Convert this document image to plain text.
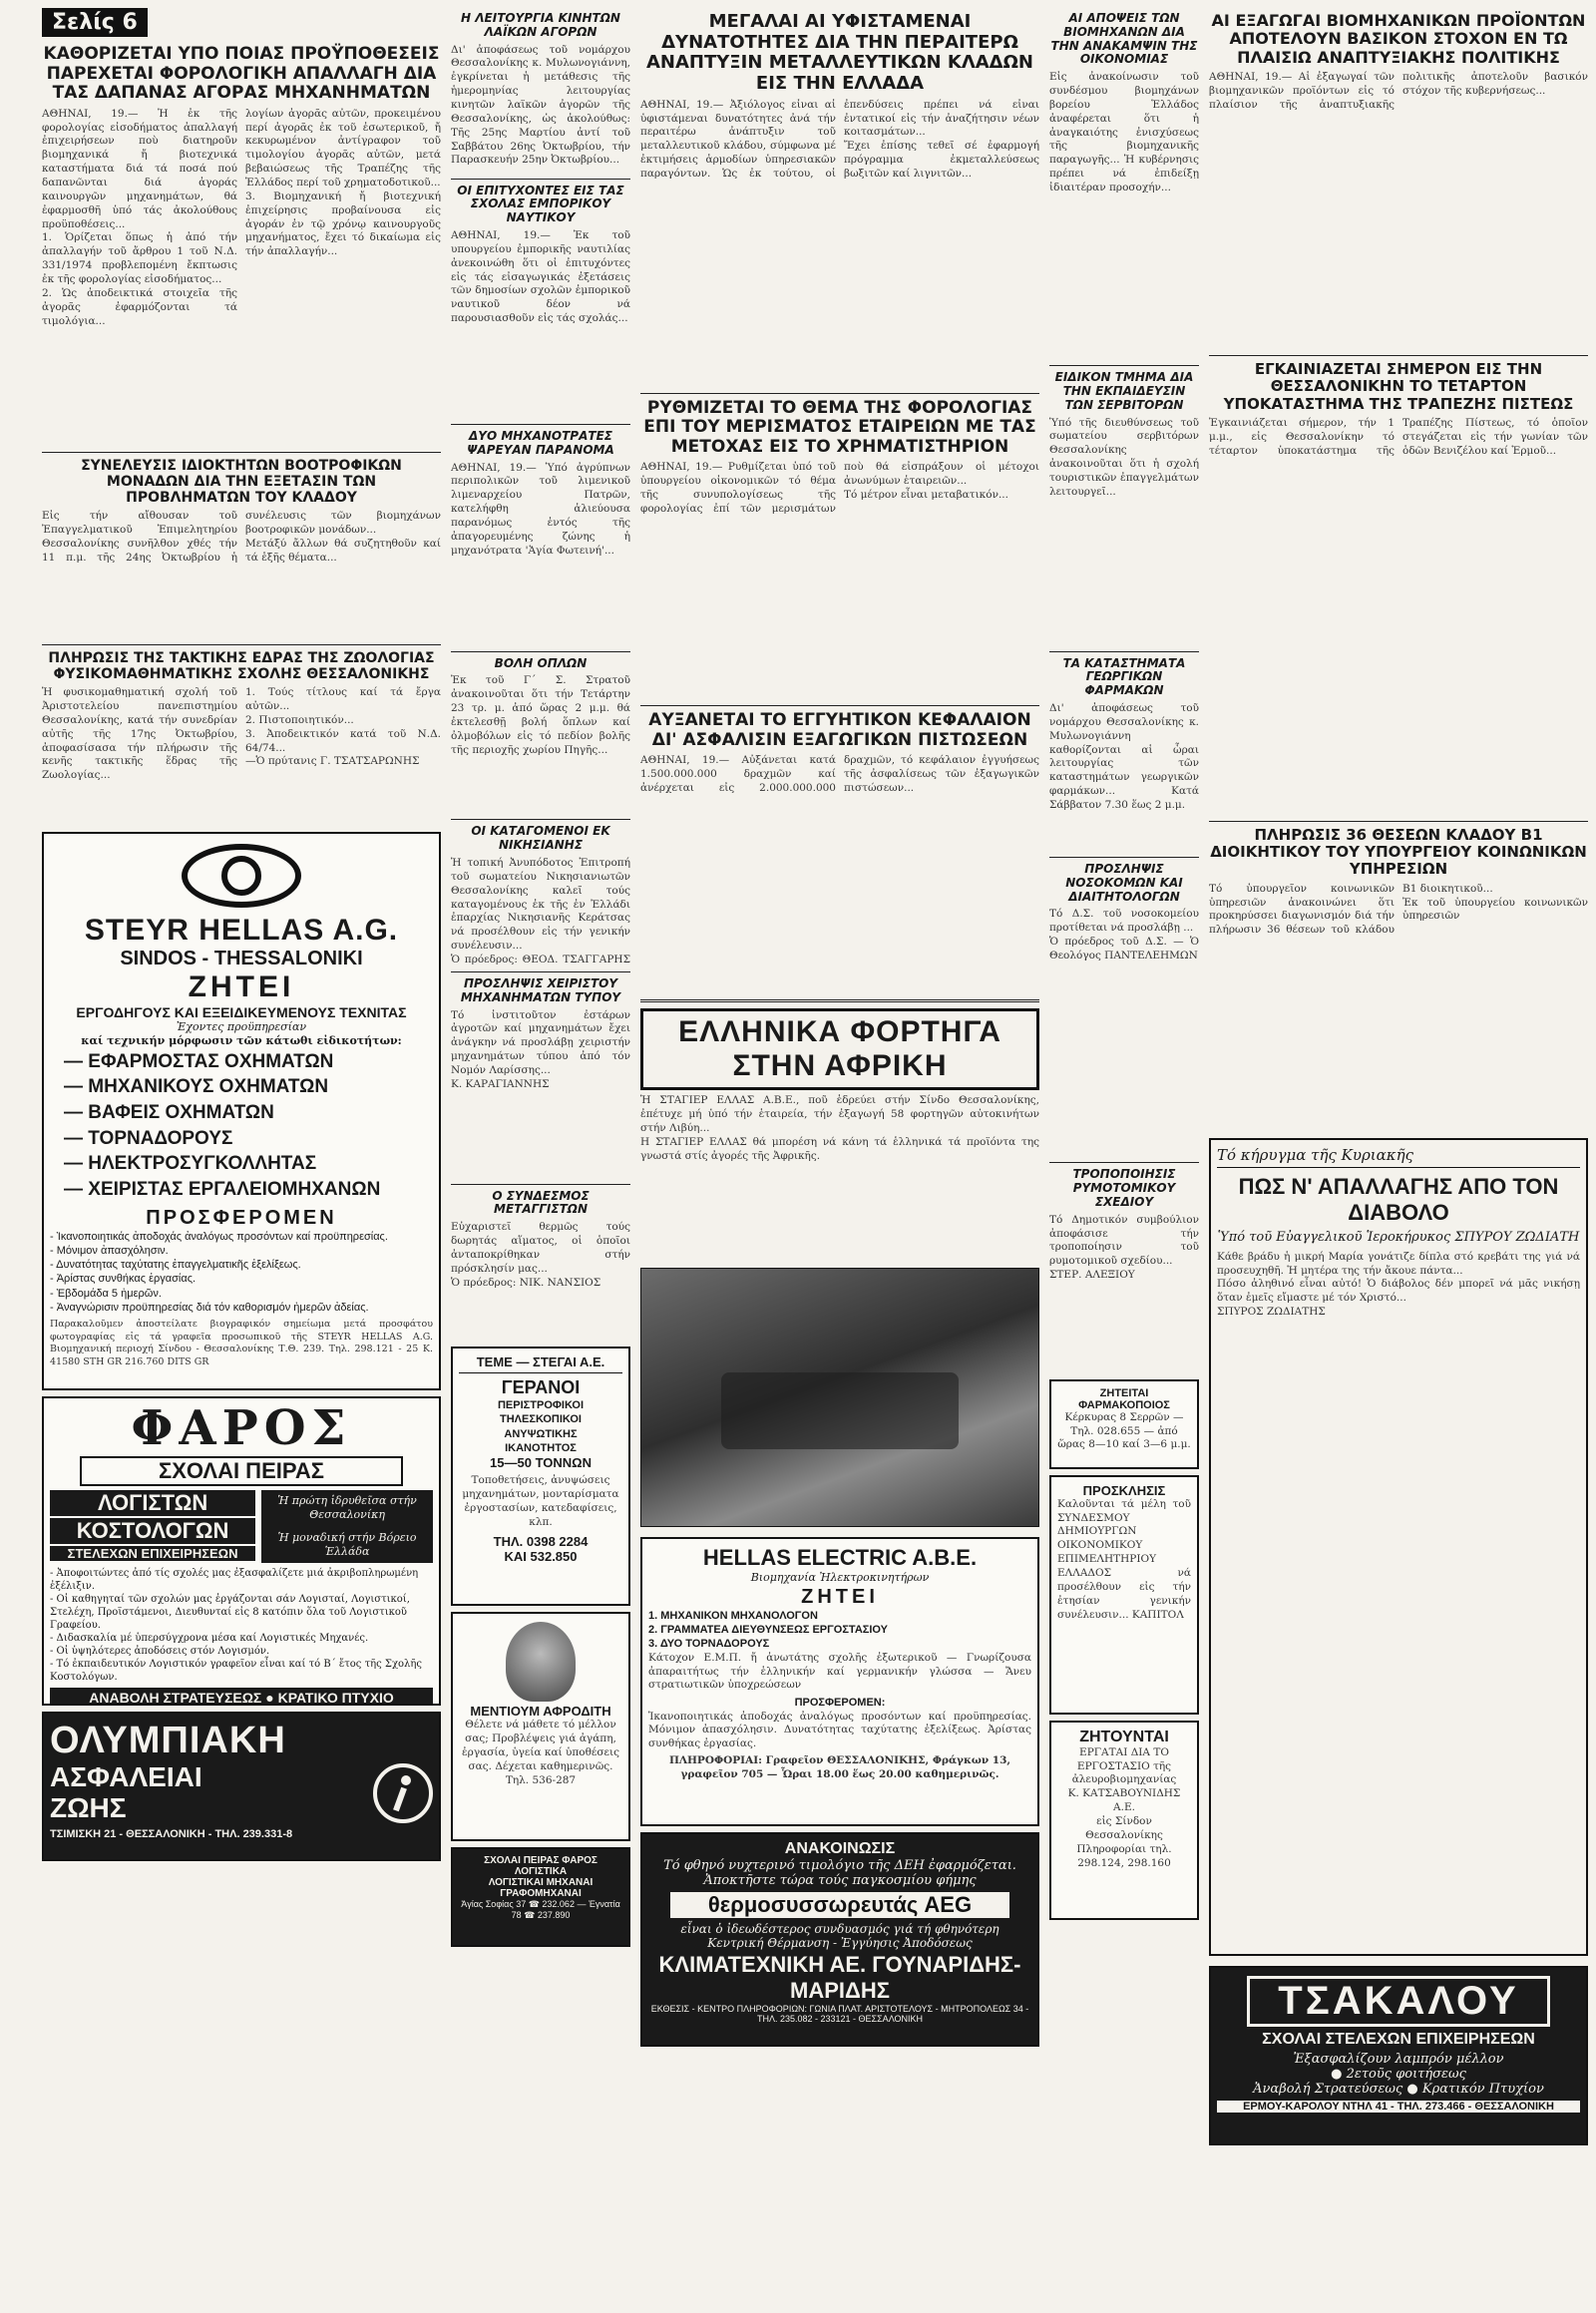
Σελίς 6
ΚΑΘΟΡΙΖΕΤΑΙ ΥΠΟ ΠΟΙΑΣ ΠΡΟΫΠΟΘΕΣΕΙΣ ΠΑΡΕΧΕΤΑΙ ΦΟΡΟΛΟΓΙΚΗ ΑΠΑΛΛΑΓΗ ΔΙΑ ΤΑΣ ΔΑΠΑΝΑΣ ΑΓΟΡΑΣ ΜΗΧΑΝΗΜΑΤΩΝ
ΑΘΗΝΑΙ, 19.— Ἡ ἐκ τῆς φορολογίας εἰσοδήματος ἀπαλλαγή ἐπιχειρήσεων ποὺ διατηροῦν βιομηχανικά ἤ βιοτεχνικά καταστήματα διά τά ποσά πού δαπανῶνται διά ἀγοράς καινουργῶν μηχανημάτων, θά ἐφαρμοσθῆ ὑπό τάς ἀκολούθους προϋποθέσεις...
1. Ὁρίζεται ὅπως ἡ ἀπό τήν ἀπαλλαγήν τοῦ ἄρθρου 1 τοῦ Ν.Δ. 331/1974 προβλεπομένη ἔκπτωσις ἐκ τῆς φορολογίας εἰσοδήματος...
2. Ὡς ἀποδεικτικά στοιχεῖα τῆς ἀγορᾶς ἐφαρμόζονται τά τιμολόγια...
λογίων ἀγορᾶς αὐτῶν, προκειμένου περί ἀγορᾶς ἐκ τοῦ ἐσωτερικοῦ, ἤ κεκυρωμένον ἀντίγραφον τοῦ τιμολογίου ἀγορᾶς αὐτῶν, μετά βεβαιώσεως τῆς Τραπέζης τῆς Ἑλλάδος περί τοῦ χρηματοδοτικοῦ...
3. Βιομηχανική ἤ βιοτεχνική ἐπιχείρησις προβαίνουσα εἰς ἀγοράν ἐν τῷ χρόνῳ καινουργοῦς μηχανήματος, ἔχει τό δικαίωμα εἰς τήν ἀπαλλαγήν...
ΣΥΝΕΛΕΥΣΙΣ ΙΔΙΟΚΤΗΤΩΝ ΒΟΟΤΡΟΦΙΚΩΝ ΜΟΝΑΔΩΝ ΔΙΑ ΤΗΝ ΕΞΕΤΑΣΙΝ ΤΩΝ ΠΡΟΒΛΗΜΑΤΩΝ ΤΟΥ ΚΛΑΔΟΥ
Εἰς τήν αἴθουσαν τοῦ Ἐπαγγελματικοῦ Ἐπιμελητηρίου Θεσσαλονίκης συνῆλθον χθές τήν 11 π.μ. τῆς 24ης Ὀκτωβρίου ἡ συνέλευσις τῶν βιομηχάνων βοοτροφικῶν μονάδων...
Μετάξύ ἄλλων θά συζητηθοῦν καί τά ἑξῆς θέματα...
ΠΛΗΡΩΣΙΣ ΤΗΣ ΤΑΚΤΙΚΗΣ ΕΔΡΑΣ ΤΗΣ ΖΩΟΛΟΓΙΑΣ ΦΥΣΙΚΟΜΑΘΗΜΑΤΙΚΗΣ ΣΧΟΛΗΣ ΘΕΣΣΑΛΟΝΙΚΗΣ
Ἡ φυσικομαθηματική σχολή τοῦ Ἀριστοτελείου πανεπιστημίου Θεσσαλονίκης, κατά τήν συνεδρίαν αὐτῆς τῆς 17ης Ὀκτωβρίου, ἀποφασίσασα τήν πλήρωσιν τῆς κενῆς τακτικῆς ἕδρας τῆς Ζωολογίας...
1. Τούς τίτλους καί τά ἔργα αὐτῶν...
2. Πιστοποιητικόν...
3. Ἀποδεικτικόν κατά τοῦ Ν.Δ. 64/74...
—Ὁ πρύτανις Γ. ΤΣΑΤΣΑΡΩΝΗΣ
STEYR HELLAS A.G.
SINDOS - THESSALONIKI
ΖΗΤΕΙ
ΕΡΓΟΔΗΓΟΥΣ ΚΑΙ ΕΞΕΙΔΙΚΕΥΜΕΝΟΥΣ ΤΕΧΝΙΤΑΣ
Ἐχοντες προϋπηρεσίαν
καί τεχνικήν μόρφωσιν τῶν κάτωθι εἰδικοτήτων:
— ΕΦΑΡΜΟΣΤΑΣ ΟΧΗΜΑΤΩΝ
— ΜΗΧΑΝΙΚΟΥΣ ΟΧΗΜΑΤΩΝ
— ΒΑΦΕΙΣ ΟΧΗΜΑΤΩΝ
— ΤΟΡΝΑΔΟΡΟΥΣ
— ΗΛΕΚΤΡΟΣΥΓΚΟΛΛΗΤΑΣ
— ΧΕΙΡΙΣΤΑΣ ΕΡΓΑΛΕΙΟΜΗΧΑΝΩΝ
ΠΡΟΣΦΕΡΟΜΕΝ
- Ἱκανοποιητικάς ἀποδοχάς ἀναλόγως προσόντων καί προϋπηρεσίας.
- Μόνιμον ἀπασχόλησιν.
- Δυνατότητας ταχύτατης ἐπαγγελματικῆς ἐξελίξεως.
- Ἀρίστας συνθήκας ἐργασίας.
- Ἑβδομάδα 5 ἡμερῶν.
- Ἀναγνώρισιν προϋπηρεσίας διά τόν καθορισμόν ἡμερῶν ἀδείας.
Παρακαλοῦμεν ἀποστείλατε βιογραφικόν σημείωμα μετά προσφάτου φωτογραφίας εἰς τά γραφεῖα προσωπικοῦ τῆς STEYR HELLAS A.G. Βιομηχανική περιοχή Σίνδου - Θεσσαλονίκης Τ.Θ. 239. Τηλ. 298.121 - 25 Κ. 41580 STH GR 216.760 DITS GR
ΦΑΡΟΣ
ΣΧΟΛΑΙ ΠΕΙΡΑΣ
ΛΟΓΙΣΤΩΝ
ΚΟΣΤΟΛΟΓΩΝ
ΣΤΕΛΕΧΩΝ ΕΠΙΧΕΙΡΗΣΕΩΝ
Ἡ πρώτη ἱδρυθεῖσα στήν Θεσσαλονίκη
Ἡ μοναδική στήν Βόρειο Ἑλλάδα
- Ἀποφοιτώντες ἀπό τίς σχολές μας ἐξασφαλίζετε μιά ἀκριβοπληρωμένη ἐξέλιξιν.
- Οἱ καθηγηταί τῶν σχολών μας ἐργάζονται σάν Λογισταί, Λογιστικοί, Στελέχη, Προϊστάμενοι, Διευθυνταί εἰς 8 κατόπιν ὅλα τοῦ Λογιστικοῦ Γραφείου.
- Διδασκαλία μέ ὑπερσύγχρονα μέσα καί Λογιστικές Μηχανές.
- Οἱ ὑψηλότερες ἀποδόσεις στόν Λογισμόν.
- Τό ἐκπαιδευτικόν Λογιστικόν γραφεῖον εἶναι καί τό Β΄ ἔτος τῆς Σχολῆς Κοστολόγων.
ΑΝΑΒΟΛΗ ΣΤΡΑΤΕΥΣΕΩΣ ● ΚΡΑΤΙΚΟ ΠΤΥΧΙΟ
ΟΛΥΜΠΙΑΚΗ
ΑΣΦΑΛΕΙΑΙ
ΖΩΗΣ
ΤΣΙΜΙΣΚΗ 21 - ΘΕΣΣΑΛΟΝΙΚΗ - ΤΗΛ. 239.331-8
Η ΛΕΙΤΟΥΡΓΙΑ ΚΙΝΗΤΩΝ ΛΑΪΚΩΝ ΑΓΟΡΩΝ
Δι' ἀποφάσεως τοῦ νομάρχου Θεσσαλονίκης κ. Μυλωνογιάννη, ἐγκρίνεται ἡ μετάθεσις τῆς ἡμερομηνίας λειτουργίας κινητῶν λαϊκῶν ἀγορῶν τῆς Θεσσαλονίκης, ὡς ἀκολούθως: Τῆς 25ης Μαρτίου ἀντί τοῦ Σαββάτου 26ης Ὀκτωβρίου, τήν Παρασκευήν 25ην Ὀκτωβρίου...
ΟΙ ΕΠΙΤΥΧΟΝΤΕΣ ΕΙΣ ΤΑΣ ΣΧΟΛΑΣ ΕΜΠΟΡΙΚΟΥ ΝΑΥΤΙΚΟΥ
ΑΘΗΝΑΙ, 19.— Ἐκ τοῦ υπουργείου ἐμπορικῆς ναυτιλίας ἀνεκοινώθη ὅτι οἱ ἐπιτυχόντες εἰς τάς εἰσαγωγικάς ἐξετάσεις τῶν δημοσίων σχολῶν ἐμπορικοῦ ναυτικοῦ δέον νά παρουσιασθοῦν εἰς τάς σχολάς...
ΔΥΟ ΜΗΧΑΝΟΤΡΑΤΕΣ ΨΑΡΕΥΑΝ ΠΑΡΑΝΟΜΑ
ΑΘΗΝΑΙ, 19.— Ὑπό ἀγρύπνων περιπολικῶν τοῦ λιμενικοῦ λιμεναρχείου Πατρῶν, κατελήφθη ἁλιεύουσα παρανόμως ἐντός τῆς ἀπαγορευμένης ζώνης ἡ μηχανότρατα 'Ἁγία Φωτεινή'...
ΒΟΛΗ ΟΠΛΩΝ
Ἐκ τοῦ Γ΄ Σ. Στρατοῦ ἀνακοινοῦται ὅτι τήν Τετάρτην 23 τρ. μ. ἀπό ὥρας 2 μ.μ. θά ἐκτελεσθῇ βολή ὅπλων καί ὀλμοβόλων εἰς τό πεδίον βολῆς τῆς περιοχῆς χωρίου Πηγῆς...
ΟΙ ΚΑΤΑΓΟΜΕΝΟΙ ΕΚ ΝΙΚΗΣΙΑΝΗΣ
Ἡ τοπική Ἀνυπόδοτος Ἐπιτροπή τοῦ σωματείου Νικησιανιωτῶν Θεσσαλονίκης καλεῖ τούς καταγομένους ἐκ τῆς ἐν Ἐλλάδι ἐπαρχίας Νικησιανῆς Κεράτσας νά προσέλθουν εἰς τήν γενικήν συνέλευσιν...
Ὁ πρόεδρος: ΘΕΟΔ. ΤΣΑΓΓΑΡΗΣ
ΠΡΟΣΛΗΨΙΣ ΧΕΙΡΙΣΤΟΥ ΜΗΧΑΝΗΜΑΤΩΝ ΤΥΠΟΥ
Τό ἰνστιτοῦτον ἐστάρων ἀγροτῶν καί μηχανημάτων ἔχει ἀνάγκην νά προσλάβῃ χειριστήν μηχανημάτων τύπου ἀπό τόν Νομόν Λαρίσσης...
Κ. ΚΑΡΑΓΙΑΝΝΗΣ
Ο ΣΥΝΔΕΣΜΟΣ ΜΕΤΑΓΓΙΣΤΩΝ
Εὐχαριστεῖ θερμῶς τούς δωρητάς αἵματος, οἱ ὁποῖοι ἀνταποκρίθηκαν στήν πρόσκλησίν μας...
Ὁ πρόεδρος: ΝΙΚ. ΝΑΝΣΙΟΣ
ΤΕΜΕ — ΣΤΕΓΑΙ Α.Ε.
ΓΕΡΑΝΟΙ
ΠΕΡΙΣΤΡΟΦΙΚΟΙ
ΤΗΛΕΣΚΟΠΙΚΟΙ
ΑΝΥΨΩΤΙΚΗΣ
ΙΚΑΝΟΤΗΤΟΣ
15—50 ΤΟΝΝΩΝ
Τοποθετήσεις, ἀνυψώσεις μηχανημάτων, μονταρίσματα ἐργοστασίων, κατεδαφίσεις, κλπ.
ΤΗΛ. 0398 2284
ΚΑΙ 532.850
ΜΕΝΤΙΟΥΜ ΑΦΡΟΔΙΤΗ
Θέλετε νά μάθετε τό μέλλον σας; Προβλέψεις γιά ἀγάπη, ἐργασία, ὑγεία καί ὑποθέσεις σας. Δέχεται καθημερινῶς.
Τηλ. 536-287
ΣΧΟΛΑΙ ΠΕΙΡΑΣ ΦΑΡΟΣ
ΛΟΓΙΣΤΙΚΑ
ΛΟΓΙΣΤΙΚΑΙ ΜΗΧΑΝΑΙ
ΓΡΑΦΟΜΗΧΑΝΑΙ
Ἁγίας Σοφίας 37 ☎ 232.062 — Ἐγνατία 78 ☎ 237.890
ΜΕΓΑΛΑΙ ΑΙ ΥΦΙΣΤΑΜΕΝΑΙ ΔΥΝΑΤΟΤΗΤΕΣ ΔΙΑ ΤΗΝ ΠΕΡΑΙΤΕΡΩ ΑΝΑΠΤΥΞΙΝ ΜΕΤΑΛΛΕΥΤΙΚΩΝ ΚΛΑΔΩΝ ΕΙΣ ΤΗΝ ΕΛΛΑΔΑ
ΑΘΗΝΑΙ, 19.— Ἀξιόλογος εἶναι αἱ ὑφιστάμεναι δυνατότητες ἀνά τήν περαιτέρω ἀνάπτυξιν τοῦ μεταλλευτικοῦ κλάδου, σύμφωνα μέ ἐκτιμήσεις ἁρμοδίων ὑπηρεσιακῶν παραγόντων. Ὡς ἐκ τούτου, οἱ ἐπενδύσεις πρέπει νά εἶναι ἐντατικοί εἰς τήν ἀναζήτησιν νέων κοιτασμάτων...
Ἔχει ἐπίσης τεθεῖ σέ ἐφαρμογή πρόγραμμα ἐκμεταλλεύσεως βωξιτῶν καί λιγνιτῶν...
ΡΥΘΜΙΖΕΤΑΙ ΤΟ ΘΕΜΑ ΤΗΣ ΦΟΡΟΛΟΓΙΑΣ ΕΠΙ ΤΟΥ ΜΕΡΙΣΜΑΤΟΣ ΕΤΑΙΡΕΙΩΝ ΜΕ ΤΑΣ ΜΕΤΟΧΑΣ ΕΙΣ ΤΟ ΧΡΗΜΑΤΙΣΤΗΡΙΟΝ
ΑΘΗΝΑΙ, 19.— Ρυθμίζεται ὑπό τοῦ ὑπουργείου οἰκονομικῶν τό θέμα τῆς συνυπολογίσεως τῆς φορολογίας ἐπί τῶν μερισμάτων ποὺ θά εἰσπράξουν οἱ μέτοχοι ἀνωνύμων ἑταιρειῶν...
Τό μέτρον εἶναι μεταβατικόν...
ΑΥΞΑΝΕΤΑΙ ΤΟ ΕΓΓΥΗΤΙΚΟΝ ΚΕΦΑΛΑΙΟΝ ΔΙ' ΑΣΦΑΛΙΣΙΝ ΕΞΑΓΩΓΙΚΩΝ ΠΙΣΤΩΣΕΩΝ
ΑΘΗΝΑΙ, 19.— Αὐξάνεται κατά 1.500.000.000 δραχμῶν καί ἀνέρχεται εἰς 2.000.000.000 δραχμῶν, τό κεφάλαιον ἐγγυήσεως τῆς ἀσφαλίσεως τῶν ἐξαγωγικῶν πιστώσεων...
ΕΛΛΗΝΙΚΑ ΦΟΡΤΗΓΑ ΣΤΗΝ ΑΦΡΙΚΗ
Ἡ ΣΤΑΓΙΕΡ ΕΛΛΑΣ Α.Β.Ε., ποῦ ἑδρεύει στήν Σίνδο Θεσσαλονίκης, ἐπέτυχε μή ὑπό τήν ἑταιρεία, τήν ἐξαγωγή 58 φορτηγῶν αὐτοκινήτων στήν Λιβύη...
Η ΣΤΑΓΙΕΡ ΕΛΛΑΣ θά μπορέση νά κάνη τά ἑλληνικά τά προϊόντα της γνωστά στίς ἀγορές τῆς Ἀφρικῆς.
HELLAS ELECTRIC A.B.E.
Βιομηχανία Ἠλεκτροκινητήρων
ΖΗΤΕΙ
1. ΜΗΧΑΝΙΚΟΝ ΜΗΧΑΝΟΛΟΓΟΝ
2. ΓΡΑΜΜΑΤΕΑ ΔΙΕΥΘΥΝΣΕΩΣ ΕΡΓΟΣΤΑΣΙΟΥ
3. ΔΥΟ ΤΟΡΝΑΔΟΡΟΥΣ
Κάτοχον Ε.Μ.Π. ἤ ἀνωτάτης σχολῆς ἐξωτερικοῦ — Γνωρίζουσα ἀπαραιτήτως τήν ἑλληνικήν καί γερμανικήν γλώσσα — Ἄνευ στρατιωτικῶν ὑποχρεώσεων
ΠΡΟΣΦΕΡΟΜΕΝ:
Ἱκανοποιητικάς ἀποδοχάς ἀναλόγως προσόντων καί προϋπηρεσίας. Μόνιμον ἀπασχόλησιν. Δυνατότητας ταχύτατης ἐξελίξεως. Ἀρίστας συνθήκας ἐργασίας.
ΠΛΗΡΟΦΟΡΙΑΙ: Γραφεῖον ΘΕΣΣΑΛΟΝΙΚΗΣ, Φράγκων 13, γραφεῖον 705 — Ὧραι 18.00 ἕως 20.00 καθημερινῶς.
ΑΝΑΚΟΙΝΩΣΙΣ
Τό φθηνό νυχτερινό τιμολόγιο τῆς ΔΕΗ ἐφαρμόζεται.
Ἀποκτῆστε τώρα τούς παγκοσμίου φήμης
θερμοσυσσωρευτάς AEG
εἶναι ὁ ἰδεωδέστερος συνδυασμός γιά τή φθηνότερη
Κεντρική Θέρμανση - Ἐγγύησις Ἀποδόσεως
ΚΛΙΜΑΤΕΧΝΙΚΗ ΑΕ. ΓΟΥΝΑΡΙΔΗΣ-ΜΑΡΙΔΗΣ
ΕΚΘΕΣΙΣ - ΚΕΝΤΡΟ ΠΛΗΡΟΦΟΡΙΩΝ: ΓΩΝΙΑ ΠΛΑΤ. ΑΡΙΣΤΟΤΕΛΟΥΣ - ΜΗΤΡΟΠΟΛΕΩΣ 34 - ΤΗΛ. 235.082 - 233121 - ΘΕΣΣΑΛΟΝΙΚΗ
ΑΙ ΑΠΟΨΕΙΣ ΤΩΝ ΒΙΟΜΗΧΑΝΩΝ ΔΙΑ ΤΗΝ ΑΝΑΚΑΜΨΙΝ ΤΗΣ ΟΙΚΟΝΟΜΙΑΣ
Εἰς ἀνακοίνωσιν τοῦ συνδέσμου βιομηχάνων βορείου Ἑλλάδος ἀναφέρεται ὅτι ἡ ἀναγκαιότης ἐνισχύσεως τῆς βιομηχανικῆς παραγωγῆς... Ἡ κυβέρνησις πρέπει νά ἐπιδείξῃ ἰδιαιτέραν προσοχήν...
ΕΙΔΙΚΟΝ ΤΜΗΜΑ ΔΙΑ ΤΗΝ ΕΚΠΑΙΔΕΥΣΙΝ ΤΩΝ ΣΕΡΒΙΤΟΡΩΝ
Ὑπό τῆς διευθύνσεως τοῦ σωματείου σερβιτόρων Θεσσαλονίκης ἀνακοινοῦται ὅτι ἡ σχολή τουριστικῶν ἐπαγγελμάτων λειτουργεῖ...
ΤΑ ΚΑΤΑΣΤΗΜΑΤΑ ΓΕΩΡΓΙΚΩΝ ΦΑΡΜΑΚΩΝ
Δι' ἀποφάσεως τοῦ νομάρχου Θεσσαλονίκης κ. Μυλωνογιάννη καθορίζονται αἱ ὧραι λειτουργίας τῶν καταστημάτων γεωργικῶν φαρμάκων... Κατά Σάββατον 7.30 ἕως 2 μ.μ.
ΠΡΟΣΛΗΨΙΣ ΝΟΣΟΚΟΜΩΝ ΚΑΙ ΔΙΑΙΤΗΤΟΛΟΓΩΝ
Τό Δ.Σ. τοῦ νοσοκομείου προτίθεται νά προσλάβῃ ...
Ὁ πρόεδρος τοῦ Δ.Σ. — Ὁ Θεολόγος ΠΑΝΤΕΛΕΗΜΩΝ
ΤΡΟΠΟΠΟΙΗΣΙΣ ΡΥΜΟΤΟΜΙΚΟΥ ΣΧΕΔΙΟΥ
Τό Δημοτικόν συμβούλιον ἀποφάσισε τήν τροποποίησιν τοῦ ρυμοτομικοῦ σχεδίου...
ΣΤΕΡ. ΑΛΕΞΙΟΥ
ΖΗΤΕΙΤΑΙ ΦΑΡΜΑΚΟΠΟΙΟΣ
Κέρκυρας 8 Σερρῶν — Τηλ. 028.655 — ἀπό ὥρας 8—10 καί 3—6 μ.μ.
ΠΡΟΣΚΛΗΣΙΣ
Καλοῦνται τά μέλη τοῦ ΣΥΝΔΕΣΜΟΥ ΔΗΜΙΟΥΡΓΩΝ ΟΙΚΟΝΟΜΙΚΟΥ ΕΠΙΜΕΛΗΤΗΡΙΟΥ ΕΛΛΑΔΟΣ νά προσέλθουν εἰς τήν ἐτησίαν γενικήν συνέλευσιν... ΚΑΠΙΤΟΛ
ΖΗΤΟΥΝΤΑΙ
ΕΡΓΑΤΑΙ ΔΙΑ ΤΟ ΕΡΓΟΣΤΑΣΙΟ τῆς ἀλευροβιομηχανίας
Κ. ΚΑΤΣΑΒΟΥΝΙΔΗΣ Α.Ε.
εἰς Σίνδον Θεσσαλονίκης
Πληροφορίαι τηλ. 298.124, 298.160
ΑΙ ΕΞΑΓΩΓΑΙ ΒΙΟΜΗΧΑΝΙΚΩΝ ΠΡΟΪΟΝΤΩΝ ΑΠΟΤΕΛΟΥΝ ΒΑΣΙΚΟΝ ΣΤΟΧΟΝ ΕΝ ΤΩ ΠΛΑΙΣΙΩ ΑΝΑΠΤΥΞΙΑΚΗΣ ΠΟΛΙΤΙΚΗΣ
ΑΘΗΝΑΙ, 19.— Αἱ ἐξαγωγαί τῶν βιομηχανικῶν προϊόντων εἰς τό πλαίσιον τῆς ἀναπτυξιακῆς πολιτικῆς ἀποτελοῦν βασικόν στόχον τῆς κυβερνήσεως...
ΕΓΚΑΙΝΙΑΖΕΤΑΙ ΣΗΜΕΡΟΝ ΕΙΣ ΤΗΝ ΘΕΣΣΑΛΟΝΙΚΗΝ ΤΟ ΤΕΤΑΡΤΟΝ ΥΠΟΚΑΤΑΣΤΗΜΑ ΤΗΣ ΤΡΑΠΕΖΗΣ ΠΙΣΤΕΩΣ
Ἐγκαινιάζεται σήμερον, τήν 1 μ.μ., εἰς Θεσσαλονίκην τό τέταρτον ὑποκατάστημα τῆς Τραπέζης Πίστεως, τό ὁποῖον στεγάζεται εἰς τήν γωνίαν τῶν ὁδῶν Βενιζέλου καί Ἑρμοῦ...
ΠΛΗΡΩΣΙΣ 36 ΘΕΣΕΩΝ ΚΛΑΔΟΥ Β1 ΔΙΟΙΚΗΤΙΚΟΥ ΤΟΥ ΥΠΟΥΡΓΕΙΟΥ ΚΟΙΝΩΝΙΚΩΝ ΥΠΗΡΕΣΙΩΝ
Τό ὑπουργεῖον κοινωνικῶν ὑπηρεσιῶν ἀνακοινώνει ὅτι προκηρύσσει διαγωνισμόν διά τήν πλήρωσιν 36 θέσεων τοῦ κλάδου Β1 διοικητικοῦ...
Ἐκ τοῦ ὑπουργείου κοινωνικῶν ὑπηρεσιῶν
Τό κήρυγμα τῆς Κυριακῆς
ΠΩΣ Ν' ΑΠΑΛΛΑΓΗΣ ΑΠΟ ΤΟΝ ΔΙΑΒΟΛΟ
Ὑπό τοῦ Εὐαγγελικοῦ Ἱεροκήρυκος ΣΠΥΡΟΥ ΖΩΔΙΑΤΗ
Κάθε βράδυ ἡ μικρή Μαρία γονάτιζε δίπλα στό κρεβάτι της γιά νά προσευχηθῆ. Ἡ μητέρα της τήν ἄκουε πάντα...
Πόσο ἀληθινό εἶναι αὐτό! Ὁ διάβολος δέν μπορεῖ νά μᾶς νικήσῃ ὅταν ἐμεῖς εἴμαστε μέ τόν Χριστό...
ΣΠΥΡΟΣ ΖΩΔΙΑΤΗΣ
ΤΣΑΚΑΛΟΥ
ΣΧΟΛΑΙ ΣΤΕΛΕΧΩΝ ΕΠΙΧΕΙΡΗΣΕΩΝ
Ἐξασφαλίζουν λαμπρόν μέλλον
● 2ετοῦς φοιτήσεως
Ἀναβολή Στρατεύσεως ● Κρατικόν Πτυχίον
ΕΡΜΟΥ-ΚΑΡΟΛΟΥ ΝΤΗΛ 41 - ΤΗΛ. 273.466 - ΘΕΣΣΑΛΟΝΙΚΗ
